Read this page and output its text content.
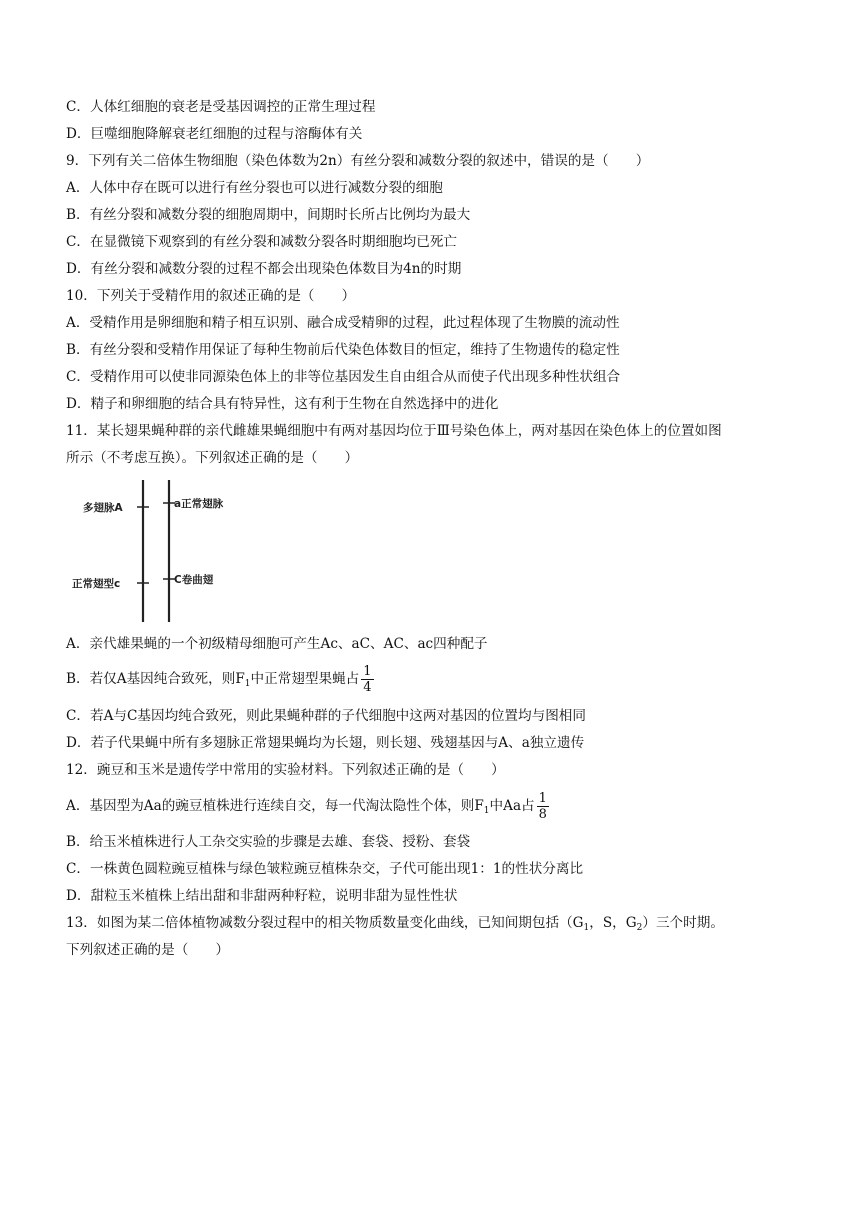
C．人体红细胞的衰老是受基因调控的正常生理过程
D．巨噬细胞降解衰老红细胞的过程与溶酶体有关
9．下列有关二倍体生物细胞（染色体数为2n）有丝分裂和减数分裂的叙述中，错误的是（　　）
A．人体中存在既可以进行有丝分裂也可以进行减数分裂的细胞
B．有丝分裂和减数分裂的细胞周期中，间期时长所占比例均为最大
C．在显微镜下观察到的有丝分裂和减数分裂各时期细胞均已死亡
D．有丝分裂和减数分裂的过程不都会出现染色体数目为4n的时期
10．下列关于受精作用的叙述正确的是（　　）
A．受精作用是卵细胞和精子相互识别、融合成受精卵的过程，此过程体现了生物膜的流动性
B．有丝分裂和受精作用保证了每种生物前后代染色体数目的恒定，维持了生物遗传的稳定性
C．受精作用可以使非同源染色体上的非等位基因发生自由组合从而使子代出现多种性状组合
D．精子和卵细胞的结合具有特异性，这有利于生物在自然选择中的进化
11．某长翅果蝇种群的亲代雌雄果蝇细胞中有两对基因均位于Ⅲ号染色体上，两对基因在染色体上的位置如图
所示（不考虑互换）。下列叙述正确的是（　　）
多翅脉A	a正常翅脉
正常翅型c	C卷曲翅
A．亲代雄果蝇的一个初级精母细胞可产生Ac、aC、AC、ac四种配子
B．若仅A基因纯合致死，则$F_1$中正常翅型果蝇占 $\frac{1}{4}$
C．若A与C基因均纯合致死，则此果蝇种群的子代细胞中这两对基因的位置均与图相同
D．若子代果蝇中所有多翅脉正常翅果蝇均为长翅，则长翅、残翅基因与A、a独立遗传
12．豌豆和玉米是遗传学中常用的实验材料。下列叙述正确的是（　　）
A．基因型为Aa的豌豆植株进行连续自交，每一代淘汰隐性个体，则$F_1$中Aa占 $\frac{1}{8}$
B．给玉米植株进行人工杂交实验的步骤是去雄、套袋、授粉、套袋
C．一株黄色圆粒豌豆植株与绿色皱粒豌豆植株杂交，子代可能出现1：1的性状分离比
D．甜粒玉米植株上结出甜和非甜两种籽粒，说明非甜为显性性状
13．如图为某二倍体植物减数分裂过程中的相关物质数量变化曲线，已知间期包括（$G_1$，S，$G_2$）三个时期。
下列叙述正确的是（　　）
